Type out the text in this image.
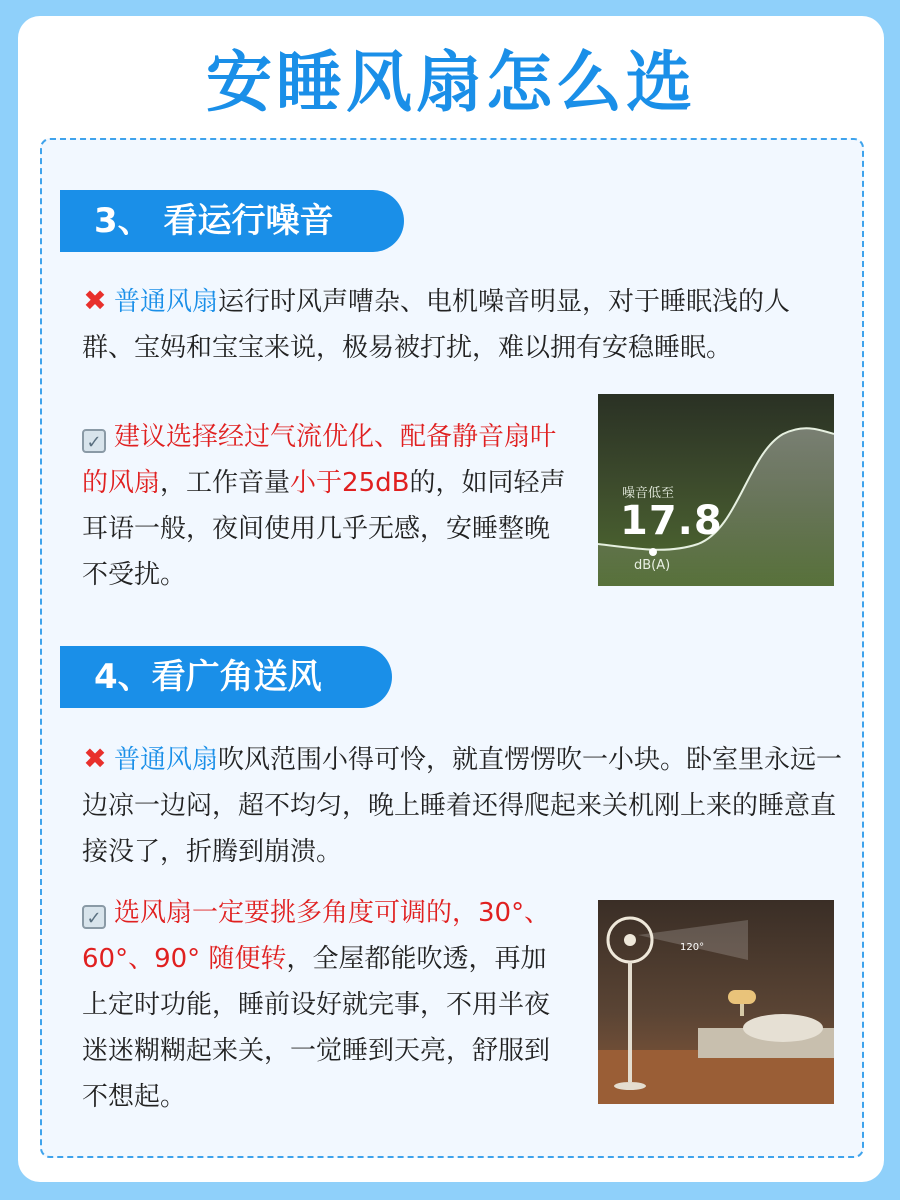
安睡风扇怎么选
3、 看运行噪音
✖ 普通风扇运行时风声嘈杂、电机噪音明显，对于睡眠浅的人群、宝妈和宝宝来说，极易被打扰，难以拥有安稳睡眠。
✓ 建议选择经过气流优化、配备静音扇叶的风扇，工作音量小于25dB的，如同轻声耳语一般，夜间使用几乎无感，安睡整晚不受扰。
4、看广角送风
✖ 普通风扇吹风范围小得可怜，就直愣愣吹一小块。卧室里永远一边凉一边闷，超不均匀，晚上睡着还得爬起来关机刚上来的睡意直接没了，折腾到崩溃。
✓ 选风扇一定要挑多角度可调的，30°、60°、90° 随便转，全屋都能吹透，再加上定时功能，睡前设好就完事，不用半夜迷迷糊糊起来关，一觉睡到天亮，舒服到不想起。
噪音低至
17.8
dB(A)
120°
